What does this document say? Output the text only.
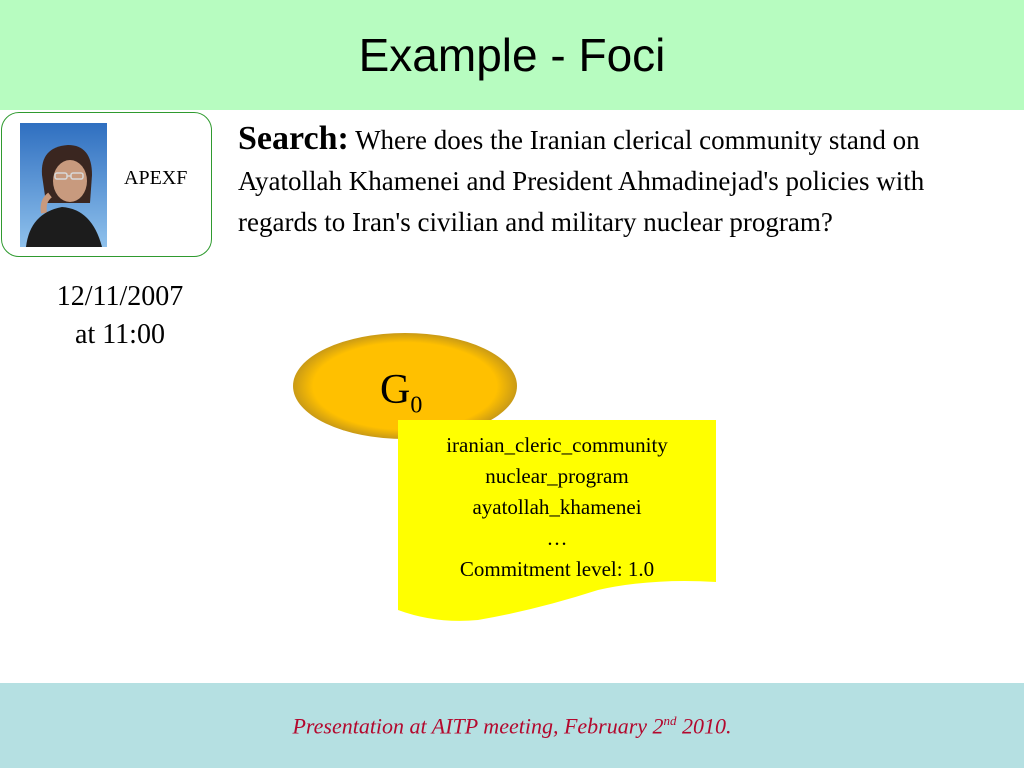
Example - Foci
APEXF
12/11/2007
at 11:00
Search: Where does the Iranian clerical community stand on Ayatollah Khamenei and President Ahmadinejad's policies with regards to Iran's civilian and military nuclear program?
$G_0$
iranian_cleric_community
nuclear_program
ayatollah_khamenei
…
Commitment level: 1.0
Presentation at AITP meeting, February 2nd 2010.
